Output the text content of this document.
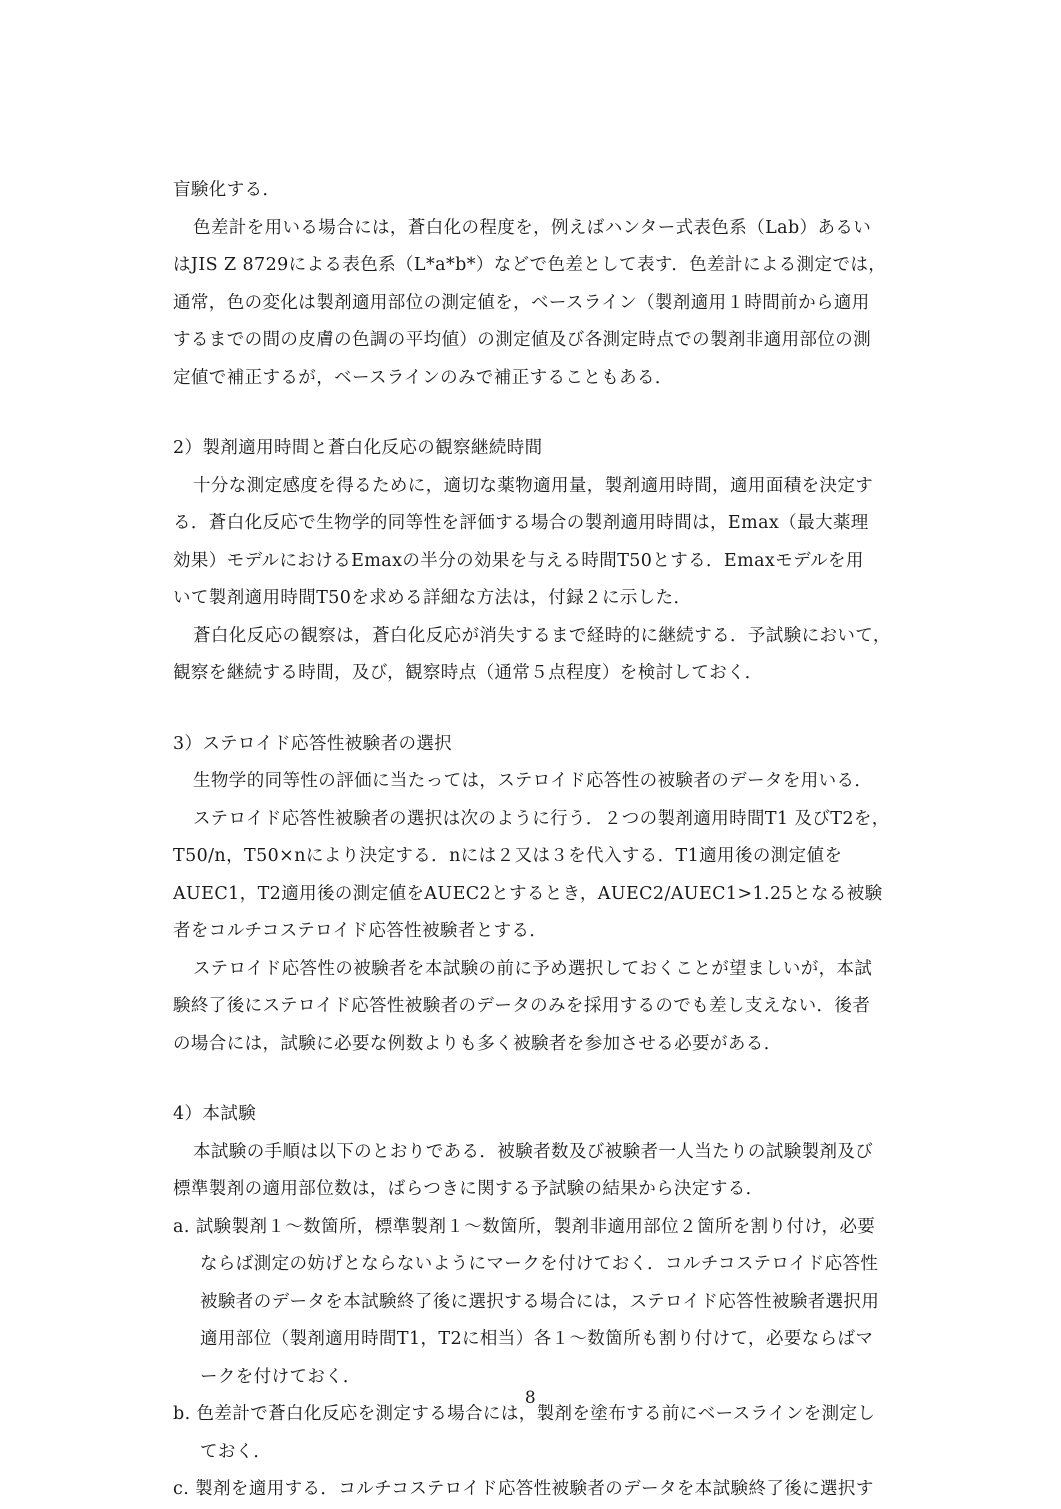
盲験化する．
色差計を用いる場合には，蒼白化の程度を，例えばハンター式表色系（Lab）あるい
はJIS Z 8729による表色系（L*a*b*）などで色差として表す．色差計による測定では，
通常，色の変化は製剤適用部位の測定値を，ベースライン（製剤適用１時間前から適用
するまでの間の皮膚の色調の平均値）の測定値及び各測定時点での製剤非適用部位の測
定値で補正するが，ベースラインのみで補正することもある．
2）製剤適用時間と蒼白化反応の観察継続時間
十分な測定感度を得るために，適切な薬物適用量，製剤適用時間，適用面積を決定す
る．蒼白化反応で生物学的同等性を評価する場合の製剤適用時間は，Emax（最大薬理
効果）モデルにおけるEmaxの半分の効果を与える時間T50とする．Emaxモデルを用
いて製剤適用時間T50を求める詳細な方法は，付録２に示した．
蒼白化反応の観察は，蒼白化反応が消失するまで経時的に継続する．予試験において，
観察を継続する時間，及び，観察時点（通常５点程度）を検討しておく．
3）ステロイド応答性被験者の選択
生物学的同等性の評価に当たっては，ステロイド応答性の被験者のデータを用いる．
ステロイド応答性被験者の選択は次のように行う．２つの製剤適用時間T1 及びT2を，
T50/n，T50×nにより決定する．nには２又は３を代入する．T1適用後の測定値を
AUEC1，T2適用後の測定値をAUEC2とするとき，AUEC2/AUEC1>1.25となる被験
者をコルチコステロイド応答性被験者とする．
ステロイド応答性の被験者を本試験の前に予め選択しておくことが望ましいが，本試
験終了後にステロイド応答性被験者のデータのみを採用するのでも差し支えない．後者
の場合には，試験に必要な例数よりも多く被験者を参加させる必要がある．
4）本試験
本試験の手順は以下のとおりである．被験者数及び被験者一人当たりの試験製剤及び
標準製剤の適用部位数は，ばらつきに関する予試験の結果から決定する．
a. 試験製剤１～数箇所，標準製剤１～数箇所，製剤非適用部位２箇所を割り付け，必要
ならば測定の妨げとならないようにマークを付けておく．コルチコステロイド応答性
被験者のデータを本試験終了後に選択する場合には，ステロイド応答性被験者選択用
適用部位（製剤適用時間T1，T2に相当）各１～数箇所も割り付けて，必要ならばマ
ークを付けておく．
b. 色差計で蒼白化反応を測定する場合には，製剤を塗布する前にベースラインを測定し
ておく．
c. 製剤を適用する．コルチコステロイド応答性被験者のデータを本試験終了後に選択す
8
